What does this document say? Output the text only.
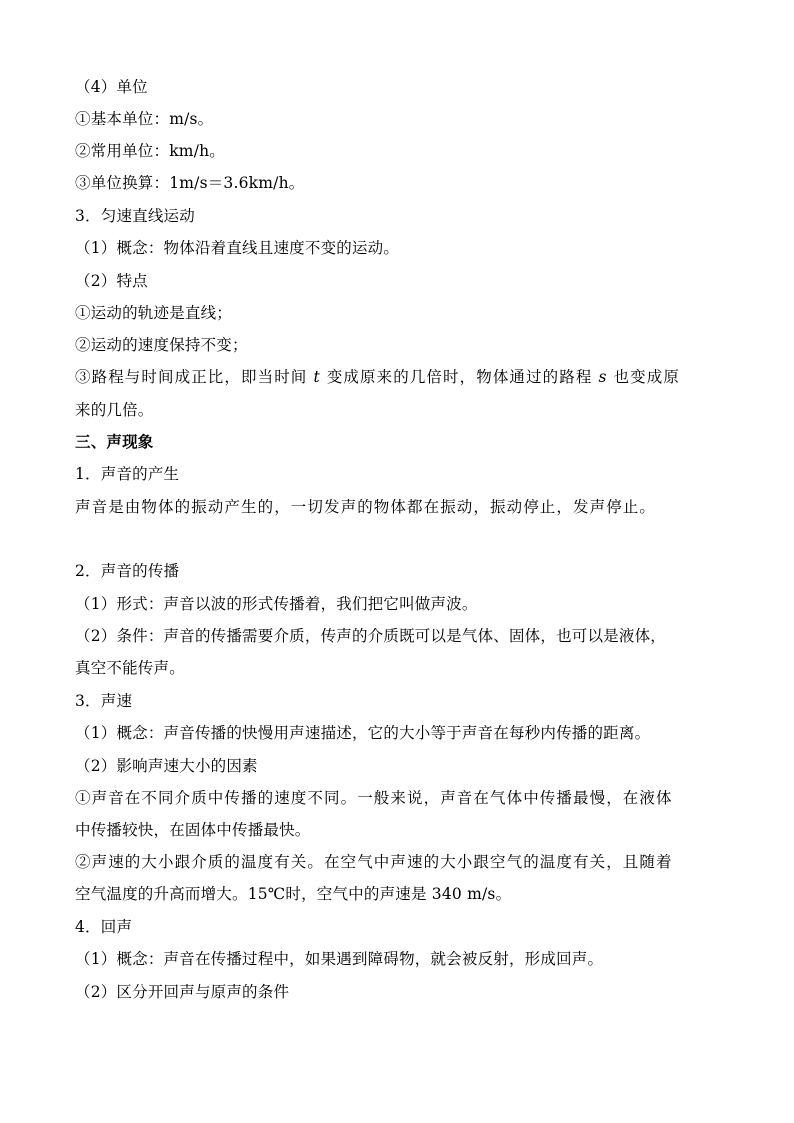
（4）单位
①基本单位：m/s。
②常用单位：km/h。
③单位换算：1m/s＝3.6km/h。
3．匀速直线运动
（1）概念：物体沿着直线且速度不变的运动。
（2）特点
①运动的轨迹是直线；
②运动的速度保持不变；
③路程与时间成正比，即当时间 t 变成原来的几倍时，物体通过的路程 s 也变成原
来的几倍。
三、声现象
1．声音的产生
声音是由物体的振动产生的，一切发声的物体都在振动，振动停止，发声停止。
2．声音的传播
（1）形式：声音以波的形式传播着，我们把它叫做声波。
（2）条件：声音的传播需要介质，传声的介质既可以是气体、固体，也可以是液体，
真空不能传声。
3．声速
（1）概念：声音传播的快慢用声速描述，它的大小等于声音在每秒内传播的距离。
（2）影响声速大小的因素
①声音在不同介质中传播的速度不同。一般来说，声音在气体中传播最慢，在液体
中传播较快，在固体中传播最快。
②声速的大小跟介质的温度有关。在空气中声速的大小跟空气的温度有关，且随着
空气温度的升高而增大。15℃时，空气中的声速是 340 m/s。
4．回声
（1）概念：声音在传播过程中，如果遇到障碍物，就会被反射，形成回声。
（2）区分开回声与原声的条件
